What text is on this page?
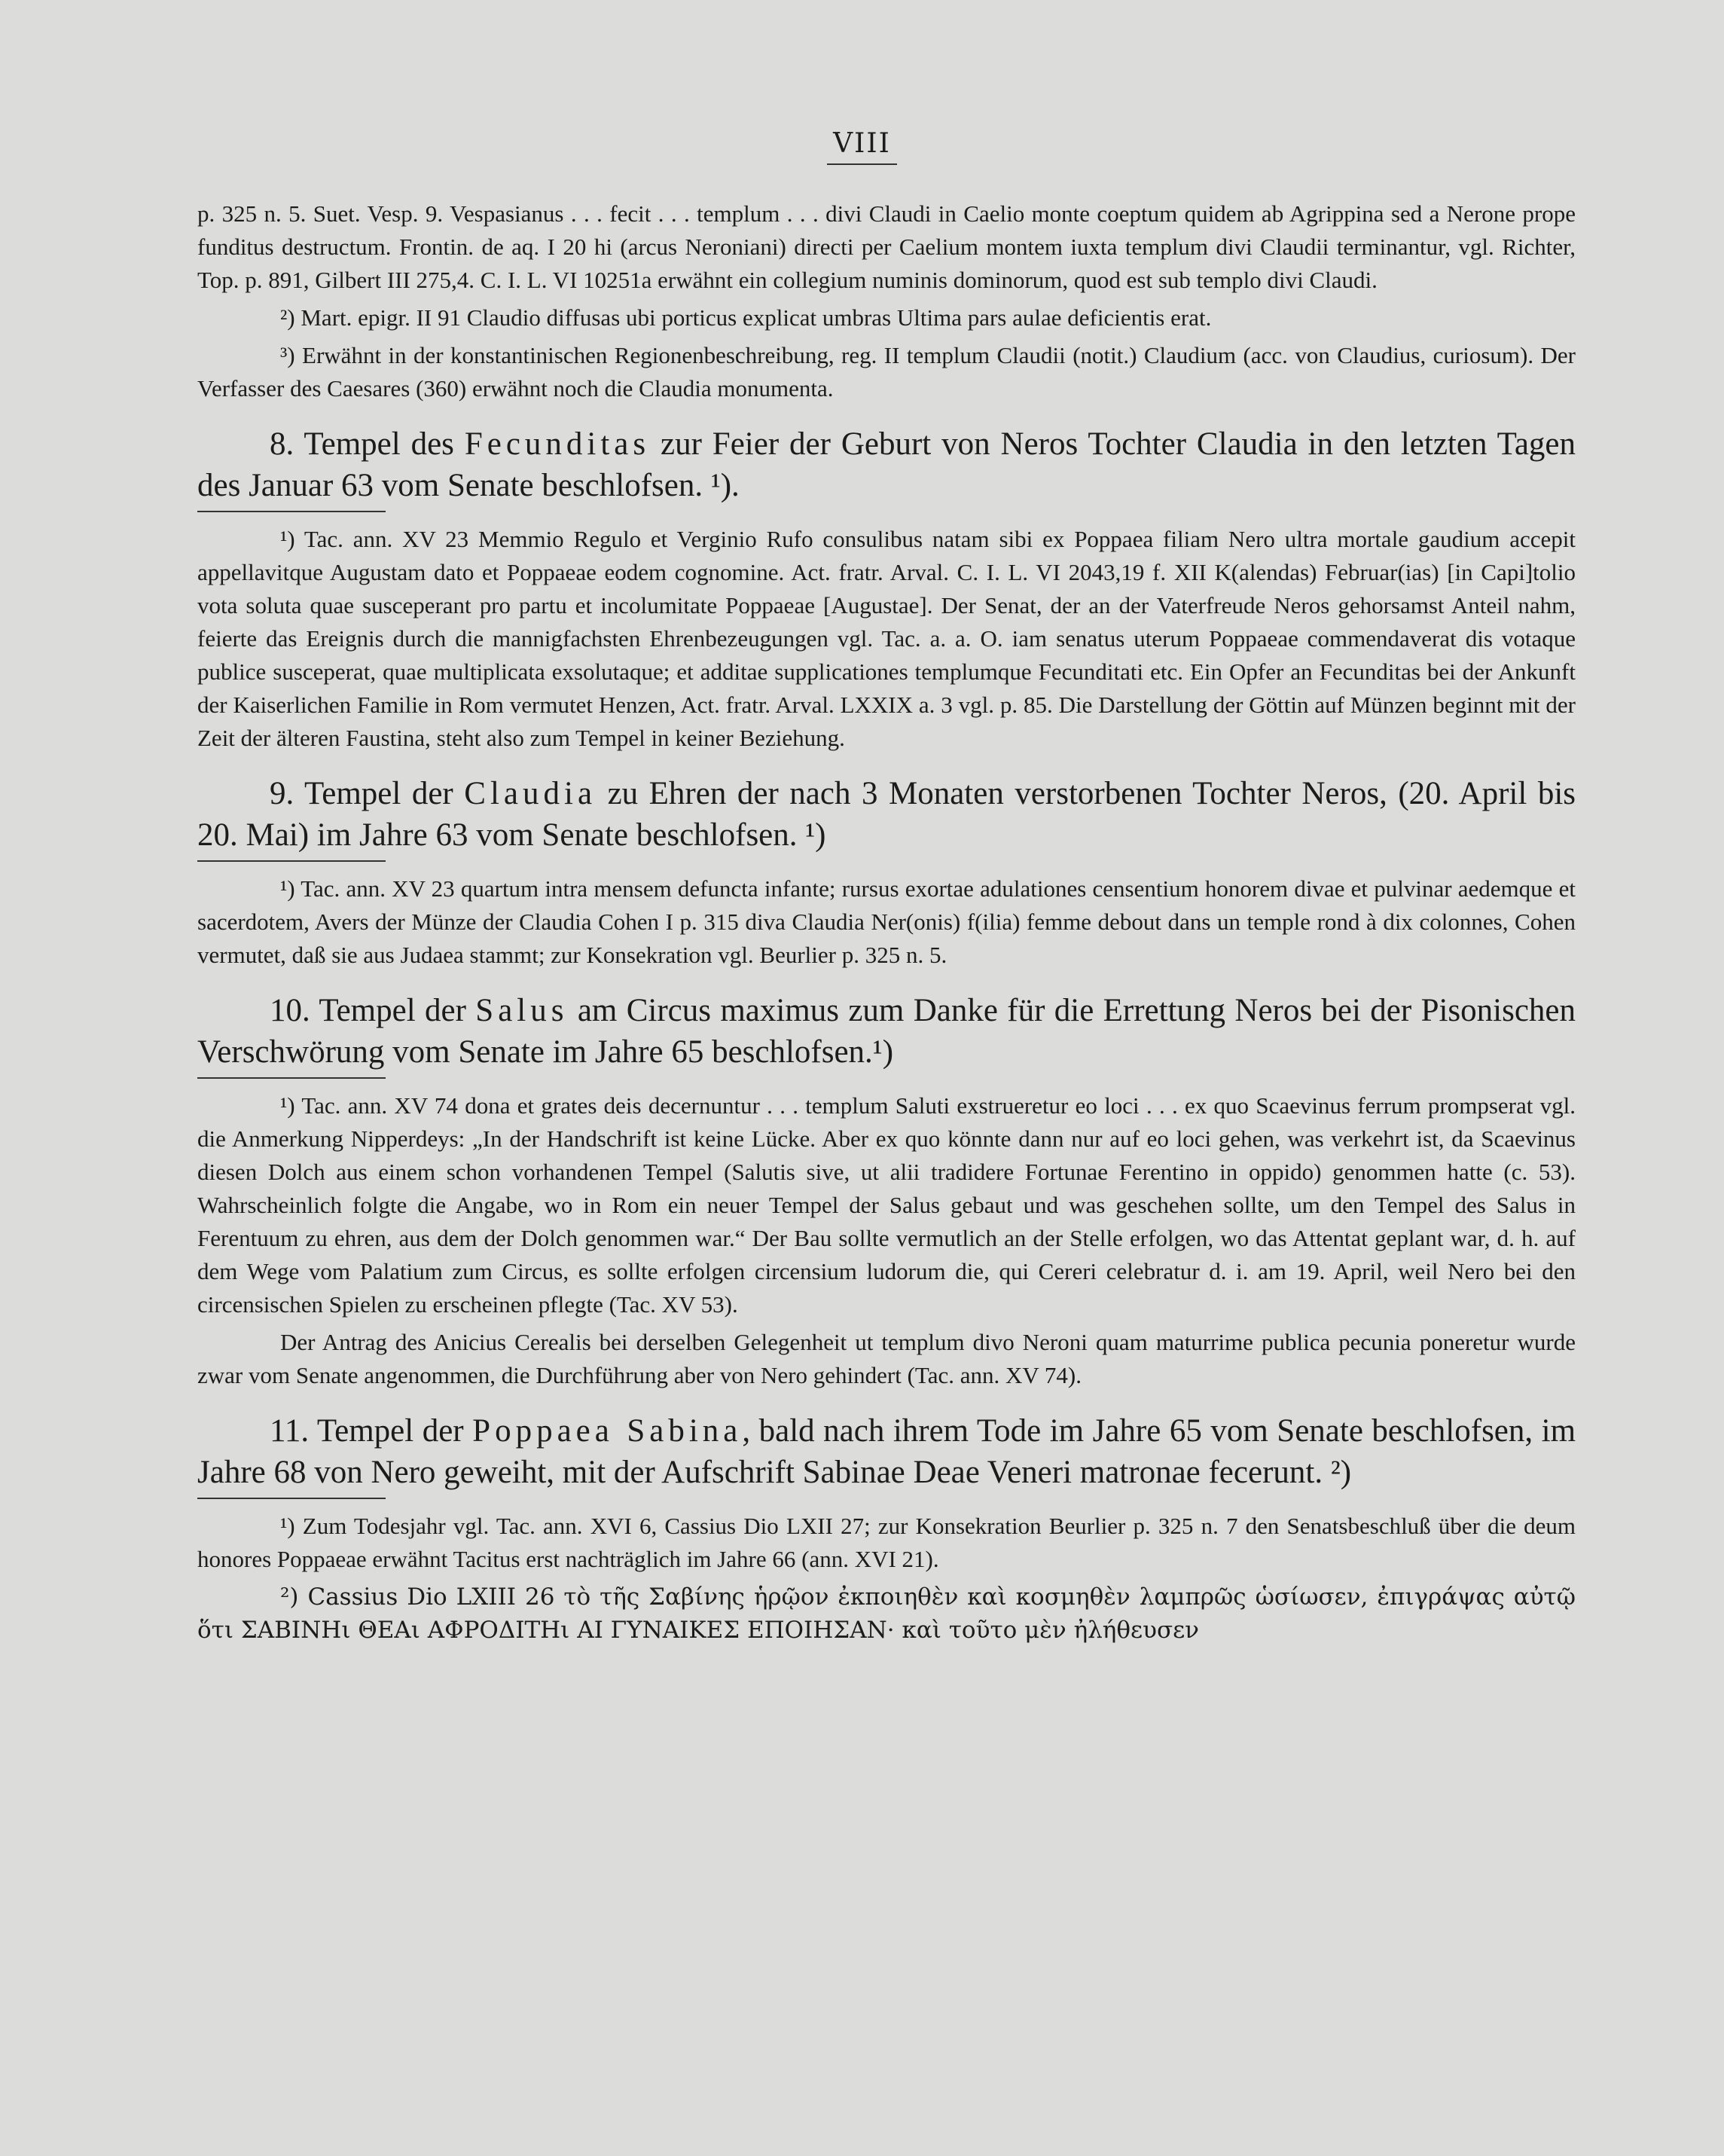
VIII

p. 325 n. 5. Suet. Vesp. 9. Vespasianus . . . fecit . . . templum . . . divi Claudi in Caelio monte coeptum quidem ab Agrippina sed a Nerone prope funditus destructum. Frontin. de aq. I 20 hi (arcus Neroniani) directi per Caelium montem iuxta templum divi Claudii terminantur, vgl. Richter, Top. p. 891, Gilbert III 275,4. C. I. L. VI 10251a erwähnt ein collegium numinis dominorum, quod est sub templo divi Claudi.

²) Mart. epigr. II 91 Claudio diffusas ubi porticus explicat umbras Ultima pars aulae deficientis erat.

³) Erwähnt in der konstantinischen Regionenbeschreibung, reg. II templum Claudii (notit.) Claudium (acc. von Claudius, curiosum). Der Verfasser des Caesares (360) erwähnt noch die Claudia monumenta.

8. Tempel des Fecunditas zur Feier der Geburt von Neros Tochter Claudia in den letzten Tagen des Januar 63 vom Senate beschlofsen. ¹).

¹) Tac. ann. XV 23 Memmio Regulo et Verginio Rufo consulibus natam sibi ex Poppaea filiam Nero ultra mortale gaudium accepit appellavitque Augustam dato et Poppaeae eodem cognomine. Act. fratr. Arval. C. I. L. VI 2043,19 f. XII K(alendas) Februar(ias) [in Capi]tolio vota soluta quae susceperant pro partu et incolumitate Poppaeae [Augustae]. Der Senat, der an der Vaterfreude Neros gehorsamst Anteil nahm, feierte das Ereignis durch die mannigfachsten Ehrenbezeugungen vgl. Tac. a. a. O. iam senatus uterum Poppaeae commendaverat dis votaque publice susceperat, quae multiplicata exsolutaque; et additae supplicationes templumque Fecunditati etc. Ein Opfer an Fecunditas bei der Ankunft der Kaiserlichen Familie in Rom vermutet Henzen, Act. fratr. Arval. LXXIX a. 3 vgl. p. 85. Die Darstellung der Göttin auf Münzen beginnt mit der Zeit der älteren Faustina, steht also zum Tempel in keiner Beziehung.

9. Tempel der Claudia zu Ehren der nach 3 Monaten verstorbenen Tochter Neros, (20. April bis 20. Mai) im Jahre 63 vom Senate beschlofsen. ¹)

¹) Tac. ann. XV 23 quartum intra mensem defuncta infante; rursus exortae adulationes censentium honorem divae et pulvinar aedemque et sacerdotem, Avers der Münze der Claudia Cohen I p. 315 diva Claudia Ner(onis) f(ilia) femme debout dans un temple rond à dix colonnes, Cohen vermutet, daß sie aus Judaea stammt; zur Konsekration vgl. Beurlier p. 325 n. 5.

10. Tempel der Salus am Circus maximus zum Danke für die Errettung Neros bei der Pisonischen Verschwörung vom Senate im Jahre 65 beschlofsen.¹)

¹) Tac. ann. XV 74 dona et grates deis decernuntur . . . templum Saluti exstrueretur eo loci . . . ex quo Scaevinus ferrum prompserat vgl. die Anmerkung Nipperdeys: „In der Handschrift ist keine Lücke. Aber ex quo könnte dann nur auf eo loci gehen, was verkehrt ist, da Scaevinus diesen Dolch aus einem schon vorhandenen Tempel (Salutis sive, ut alii tradidere Fortunae Ferentino in oppido) genommen hatte (c. 53). Wahrscheinlich folgte die Angabe, wo in Rom ein neuer Tempel der Salus gebaut und was geschehen sollte, um den Tempel des Salus in Ferentuum zu ehren, aus dem der Dolch genommen war.“ Der Bau sollte vermutlich an der Stelle erfolgen, wo das Attentat geplant war, d. h. auf dem Wege vom Palatium zum Circus, es sollte erfolgen circensium ludorum die, qui Cereri celebratur d. i. am 19. April, weil Nero bei den circensischen Spielen zu erscheinen pflegte (Tac. XV 53).

Der Antrag des Anicius Cerealis bei derselben Gelegenheit ut templum divo Neroni quam maturrime publica pecunia poneretur wurde zwar vom Senate angenommen, die Durchführung aber von Nero gehindert (Tac. ann. XV 74).

11. Tempel der Poppaea Sabina, bald nach ihrem Tode im Jahre 65 vom Senate beschlofsen, im Jahre 68 von Nero geweiht, mit der Aufschrift Sabinae Deae Veneri matronae fecerunt. ²)

¹) Zum Todesjahr vgl. Tac. ann. XVI 6, Cassius Dio LXII 27; zur Konsekration Beurlier p. 325 n. 7 den Senatsbeschluß über die deum honores Poppaeae erwähnt Tacitus erst nachträglich im Jahre 66 (ann. XVI 21).

²) Cassius Dio LXIII 26 τὸ τῆς Σαβίνης ἡρῷον ἐκποιηθὲν καὶ κοσμηθὲν λαμπρῶς ὡσίωσεν, ἐπιγράψας αὐτῷ ὅτι ΣΑΒΙΝΗι ΘΕΑι ΑΦΡΟΔΙΤΗι ΑΙ ΓΥΝΑΙΚΕΣ ΕΠΟΙΗΣΑΝ· καὶ τοῦτο μὲν ἠλήθευσεν
